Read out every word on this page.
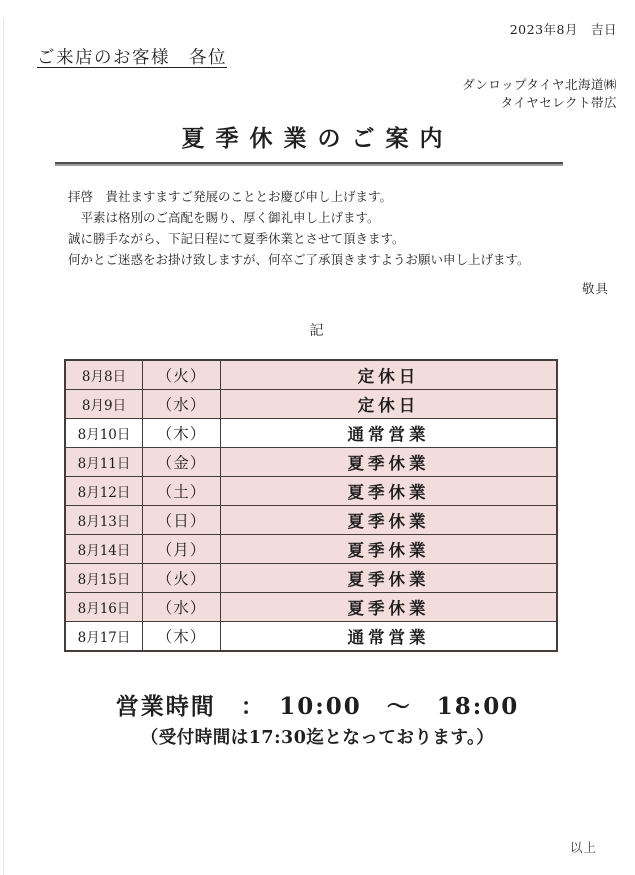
2023年8月　吉日
ご来店のお客様　各位
ダンロップタイヤ北海道㈱
タイヤセレクト帯広
夏季休業のご案内
拝啓　貴社ますますご発展のこととお慶び申し上げます。
　平素は格別のご高配を賜り、厚く御礼申し上げます。
誠に勝手ながら、下記日程にて夏季休業とさせて頂きます。
何かとご迷惑をお掛け致しますが、何卒ご了承頂きますようお願い申し上げます。
敬具
記
8月8日	（火）	定休日
8月9日	（水）	定休日
8月10日	（木）	通常営業
8月11日	（金）	夏季休業
8月12日	（土）	夏季休業
8月13日	（日）	夏季休業
8月14日	（月）	夏季休業
8月15日	（火）	夏季休業
8月16日	（水）	夏季休業
8月17日	（木）	通常営業
営業時間　：　10:00　～　18:00
（受付時間は17:30迄となっております。）
以上
